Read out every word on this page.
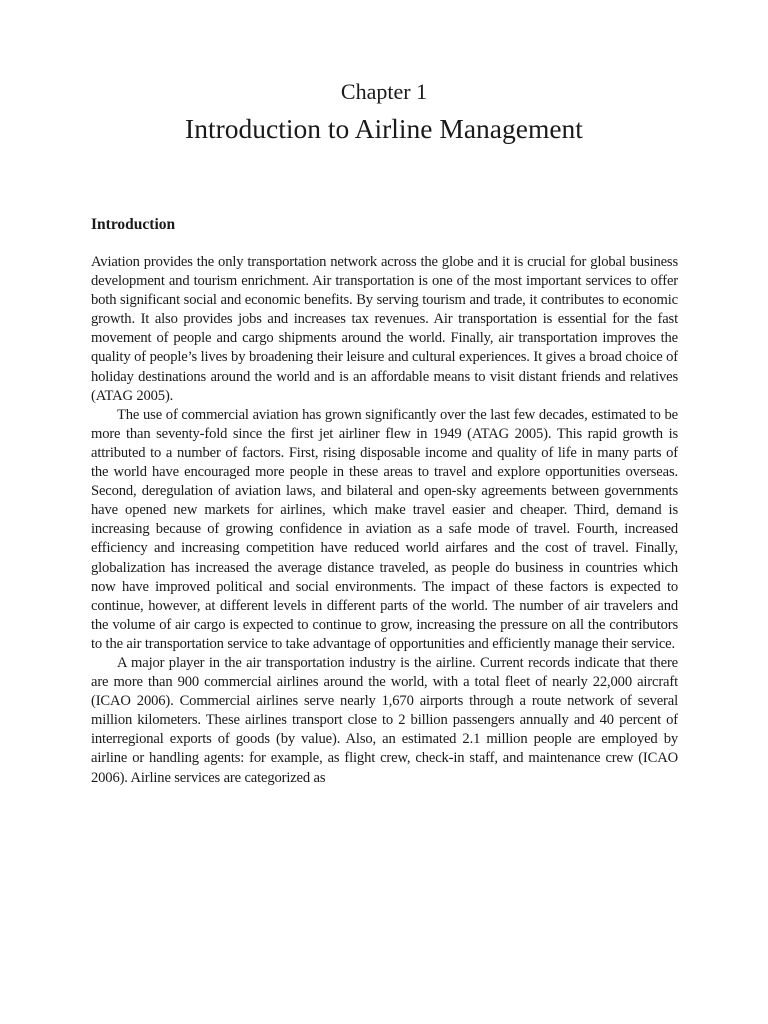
Chapter 1
Introduction to Airline Management
Introduction

Aviation provides the only transportation network across the globe and it is crucial for global business development and tourism enrichment. Air transportation is one of the most important services to offer both significant social and economic benefits. By serving tourism and trade, it contributes to economic growth. It also provides jobs and increases tax revenues. Air transportation is essential for the fast movement of people and cargo shipments around the world. Finally, air transportation improves the quality of people’s lives by broadening their leisure and cultural experiences. It gives a broad choice of holiday destinations around the world and is an affordable means to visit distant friends and relatives (ATAG 2005).

The use of commercial aviation has grown significantly over the last few decades, estimated to be more than seventy-fold since the first jet airliner flew in 1949 (ATAG 2005). This rapid growth is attributed to a number of factors. First, rising disposable income and quality of life in many parts of the world have encouraged more people in these areas to travel and explore opportunities overseas. Second, deregulation of aviation laws, and bilateral and open-sky agreements between governments have opened new markets for airlines, which make travel easier and cheaper. Third, demand is increasing because of growing confidence in aviation as a safe mode of travel. Fourth, increased efficiency and increasing competition have reduced world airfares and the cost of travel. Finally, globalization has increased the average distance traveled, as people do business in countries which now have improved political and social environments. The impact of these factors is expected to continue, however, at different levels in different parts of the world. The number of air travelers and the volume of air cargo is expected to continue to grow, increasing the pressure on all the contributors to the air transportation service to take advantage of opportunities and efficiently manage their service.

A major player in the air transportation industry is the airline. Current records indicate that there are more than 900 commercial airlines around the world, with a total fleet of nearly 22,000 aircraft (ICAO 2006). Commercial airlines serve nearly 1,670 airports through a route network of several million kilometers. These airlines transport close to 2 billion passengers annually and 40 percent of interregional exports of goods (by value). Also, an estimated 2.1 million people are employed by airline or handling agents: for example, as flight crew, check-in staff, and maintenance crew (ICAO 2006). Airline services are categorized as
